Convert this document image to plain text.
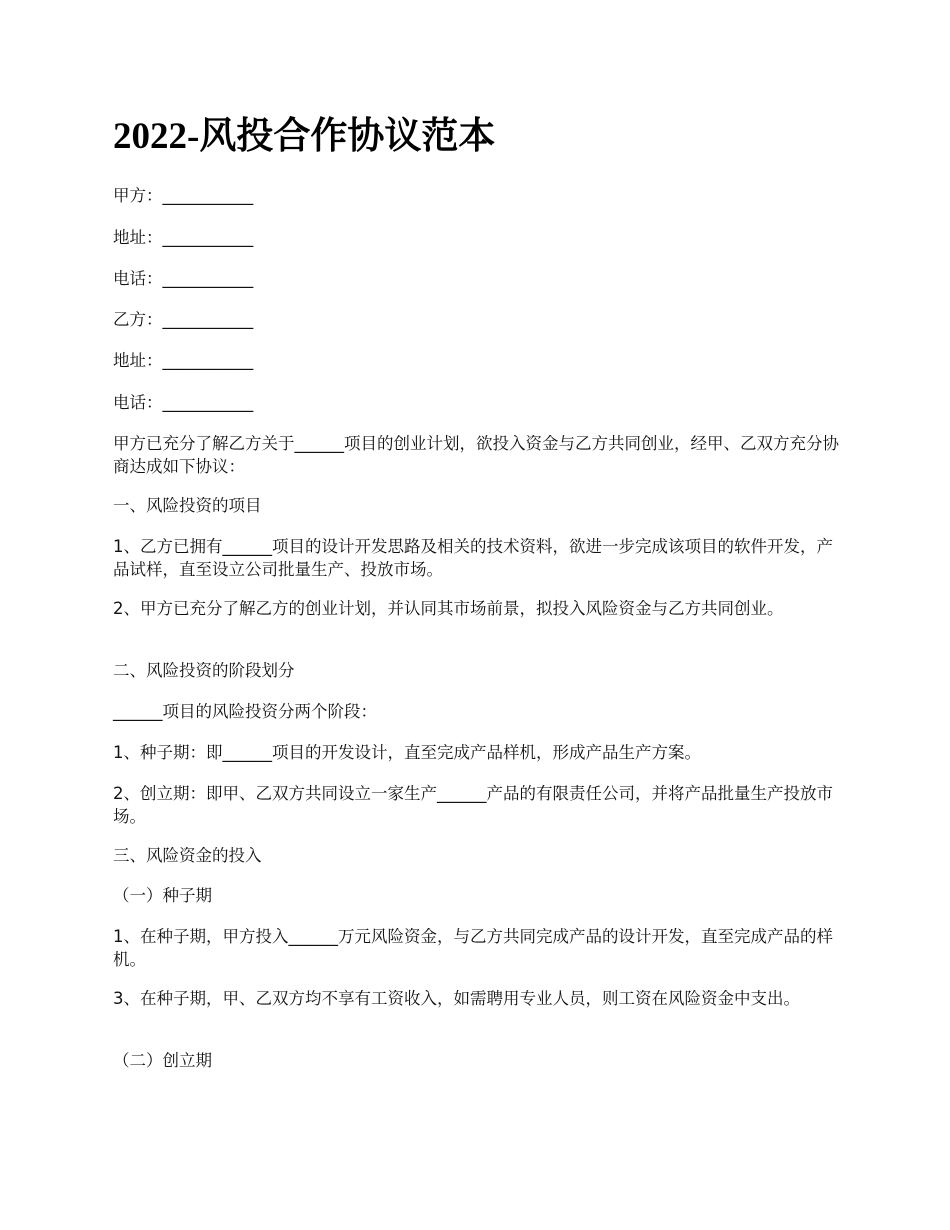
2022-风投合作协议范本

甲方：___________

地址：___________

电话：___________

乙方：___________

地址：___________

电话：___________

甲方已充分了解乙方关于______项目的创业计划，欲投入资金与乙方共同创业，经甲、乙双方充分协商达成如下协议：

一、风险投资的项目

1、乙方已拥有______项目的设计开发思路及相关的技术资料，欲进一步完成该项目的软件开发，产品试样，直至设立公司批量生产、投放市场。

2、甲方已充分了解乙方的创业计划，并认同其市场前景，拟投入风险资金与乙方共同创业。

二、风险投资的阶段划分

______项目的风险投资分两个阶段：

1、种子期：即______项目的开发设计，直至完成产品样机，形成产品生产方案。

2、创立期：即甲、乙双方共同设立一家生产______产品的有限责任公司，并将产品批量生产投放市场。

三、风险资金的投入

（一）种子期

1、在种子期，甲方投入______万元风险资金，与乙方共同完成产品的设计开发，直至完成产品的样机。

3、在种子期，甲、乙双方均不享有工资收入，如需聘用专业人员，则工资在风险资金中支出。

（二）创立期
